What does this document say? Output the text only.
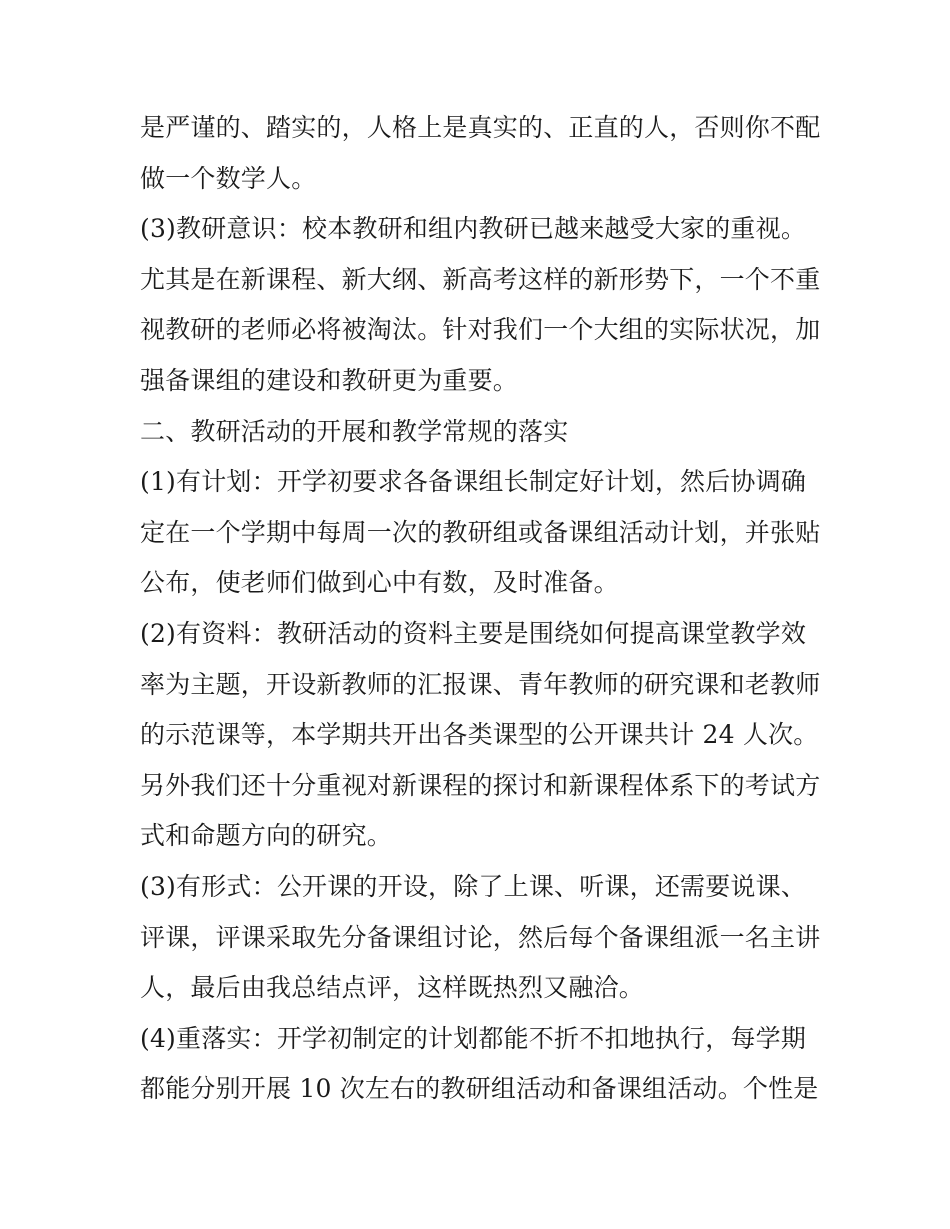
是严谨的、踏实的，人格上是真实的、正直的人，否则你不配

做一个数学人。

(3)教研意识：校本教研和组内教研已越来越受大家的重视。

尤其是在新课程、新大纲、新高考这样的新形势下，一个不重

视教研的老师必将被淘汰。针对我们一个大组的实际状况，加

强备课组的建设和教研更为重要。

二、教研活动的开展和教学常规的落实

(1)有计划：开学初要求各备课组长制定好计划，然后协调确

定在一个学期中每周一次的教研组或备课组活动计划，并张贴

公布，使老师们做到心中有数，及时准备。

(2)有资料：教研活动的资料主要是围绕如何提高课堂教学效

率为主题，开设新教师的汇报课、青年教师的研究课和老教师

的示范课等，本学期共开出各类课型的公开课共计 24 人次。

另外我们还十分重视对新课程的探讨和新课程体系下的考试方

式和命题方向的研究。

(3)有形式：公开课的开设，除了上课、听课，还需要说课、

评课，评课采取先分备课组讨论，然后每个备课组派一名主讲

人，最后由我总结点评，这样既热烈又融洽。

(4)重落实：开学初制定的计划都能不折不扣地执行，每学期

都能分别开展 10 次左右的教研组活动和备课组活动。个性是
